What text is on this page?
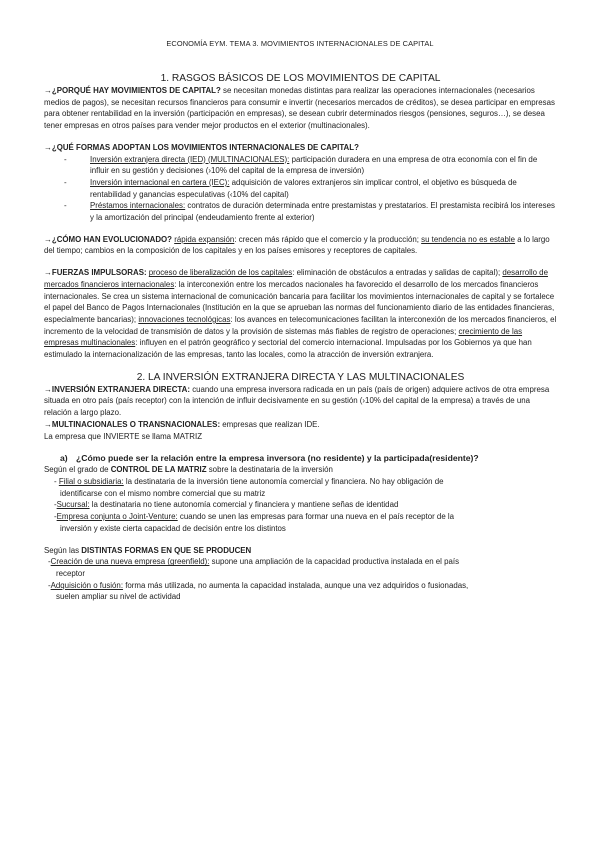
ECONOMÍA EYM. TEMA 3. MOVIMIENTOS INTERNACIONALES DE CAPITAL
1. RASGOS BÁSICOS DE LOS MOVIMIENTOS DE CAPITAL

→¿PORQUÉ HAY MOVIMIENTOS DE CAPITAL? se necesitan monedas distintas para realizar las operaciones internacionales (necesarios medios de pagos), se necesitan recursos financieros para consumir e invertir (necesarios mercados de créditos), se desea participar en empresas para obtener rentabilidad en la inversión (participación en empresas), se desean cubrir determinados riesgos (pensiones, seguros…), se desea tener empresas en otros países para vender mejor productos en el exterior (multinacionales).

→¿QUÉ FORMAS ADOPTAN LOS MOVIMIENTOS INTERNACIONALES DE CAPITAL?

- Inversión extranjera directa (IED) (MULTINACIONALES): participación duradera en una empresa de otra economía con el fin de influir en su gestión y decisiones (›10% del capital de la empresa de inversión)
- Inversión internacional en cartera (IEC): adquisición de valores extranjeros sin implicar control, el objetivo es búsqueda de rentabilidad y ganancias especulativas (‹10% del capital)
- Préstamos internacionales: contratos de duración determinada entre prestamistas y prestatarios. El prestamista recibirá los intereses y la amortización del principal (endeudamiento frente al exterior)

→¿CÓMO HAN EVOLUCIONADO? rápida expansión: crecen más rápido que el comercio y la producción; su tendencia no es estable a lo largo del tiempo; cambios en la composición de los capitales y en los países emisores y receptores de capitales.

→FUERZAS IMPULSORAS: proceso de liberalización de los capitales: eliminación de obstáculos a entradas y salidas de capital); desarrollo de mercados financieros internacionales: la interconexión entre los mercados nacionales ha favorecido el desarrollo de los mercados financieros internacionales. Se crea un sistema internacional de comunicación bancaria para facilitar los movimientos internacionales de capital y se fortalece el papel del Banco de Pagos Internacionales (Institución en la que se aprueban las normas del funcionamiento diario de las entidades financieras, especialmente bancarias); innovaciones tecnológicas: los avances en telecomunicaciones facilitan la interconexión de los mercados financieros, el incremento de la velocidad de transmisión de datos y la provisión de sistemas más fiables de registro de operaciones; crecimiento de las empresas multinacionales: influyen en el patrón geográfico y sectorial del comercio internacional. Impulsadas por los Gobiernos ya que han estimulado la internacionalización de las empresas, tanto las locales, como la atracción de inversión extranjera.

2. LA INVERSIÓN EXTRANJERA DIRECTA Y LAS MULTINACIONALES

→INVERSIÓN EXTRANJERA DIRECTA: cuando una empresa inversora radicada en un país (país de origen) adquiere activos de otra empresa situada en otro país (país receptor) con la intención de influir decisivamente en su gestión (›10% del capital de la empresa) a través de una relación a largo plazo.

→MULTINACIONALES O TRANSNACIONALES: empresas que realizan IDE.

La empresa que INVIERTE se llama MATRIZ

a) ¿Cómo puede ser la relación entre la empresa inversora (no residente) y la participada(residente)?

Según el grado de CONTROL DE LA MATRIZ sobre la destinataria de la inversión

- Filial o subsidiaria: la destinataria de la inversión tiene autonomía comercial y financiera. No hay obligación de
identificarse con el mismo nombre comercial que su matriz
-Sucursal: la destinataria no tiene autonomía comercial y financiera y mantiene señas de identidad
-Empresa conjunta o Joint-Venture: cuando se unen las empresas para formar una nueva en el país receptor de la
inversión y existe cierta capacidad de decisión entre los distintos

Según las DISTINTAS FORMAS EN QUE SE PRODUCEN

-Creación de una nueva empresa (greenfield): supone una ampliación de la capacidad productiva instalada en el país
receptor
-Adquisición o fusión: forma más utilizada, no aumenta la capacidad instalada, aunque una vez adquiridos o fusionadas,
suelen ampliar su nivel de actividad
